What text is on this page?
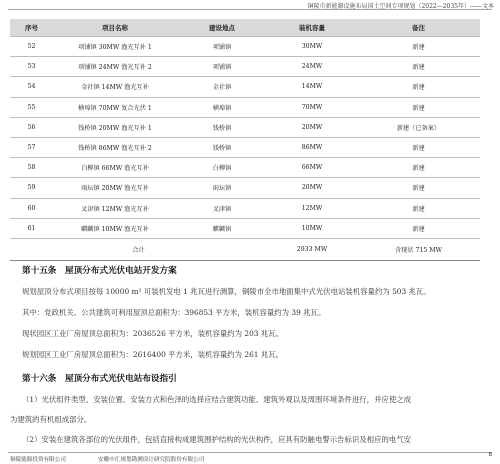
铜陵市新能源设施布局国土空间专项规划（2022—2035年）——文本
序号	项目名称	建设地点	装机容量	备注
52	项铺镇 30MW 渔光互补 1	项铺镇	30MW	新建
53	项铺镇 24MW 渔光互补 2	项铺镇	24MW	新建
54	金社镇 14MW 渔光互补	金社镇	14MW	新建
55	横埠镇 70MW 复合光伏 1	横埠镇	70MW	新建
56	钱桥镇 20MW 渔光互补 1	钱桥镇	20MW	新建（已备案）
57	钱桥镇 86MW 渔光互补 2	钱桥镇	86MW	新建
58	白柳镇 66MW 渔光互补	白柳镇	66MW	新建
59	雨坛镇 20MW 渔光互补	雨坛镇	20MW	新建
60	叉津镇 12MW 渔光互补	叉津镇	12MW	新建
61	麒麟镇 10MW 渔光互补	麒麟镇	10MW	新建
合计			2933 MW	含现状 715 MW
第十五条　屋顶分布式光伏电站开发方案
规划屋顶分布式项目按每 10000 m² 可装机发电 1 兆瓦进行测算，铜陵市全市地面集中式光伏电站装机容量约为 503 兆瓦。
其中：党政机关、公共建筑可利用屋顶总面积为：396853 平方米，装机容量约为 39 兆瓦。
现状园区工业厂房屋顶总面积为：2036526 平方米，装机容量约为 203 兆瓦。
规划园区工业厂房屋顶总面积为：2616400 平方米，装机容量约为 261 兆瓦。
第十六条　屋顶分布式光伏电站布设指引
（1）光伏组件类型、安装位置、安装方式和色泽的选择应结合建筑功能、建筑外观以及周围环境条件进行，并应使之成
为建筑的有机组成部分。
（2）安装在建筑各部位的光伏组件，包括直接构成建筑围护结构的光伏构件，应具有防触电警示告标识及相应的电气安
铜陵能源投资有限公司	安徽中汇规划勘测设计研究院股份有限公司
8
